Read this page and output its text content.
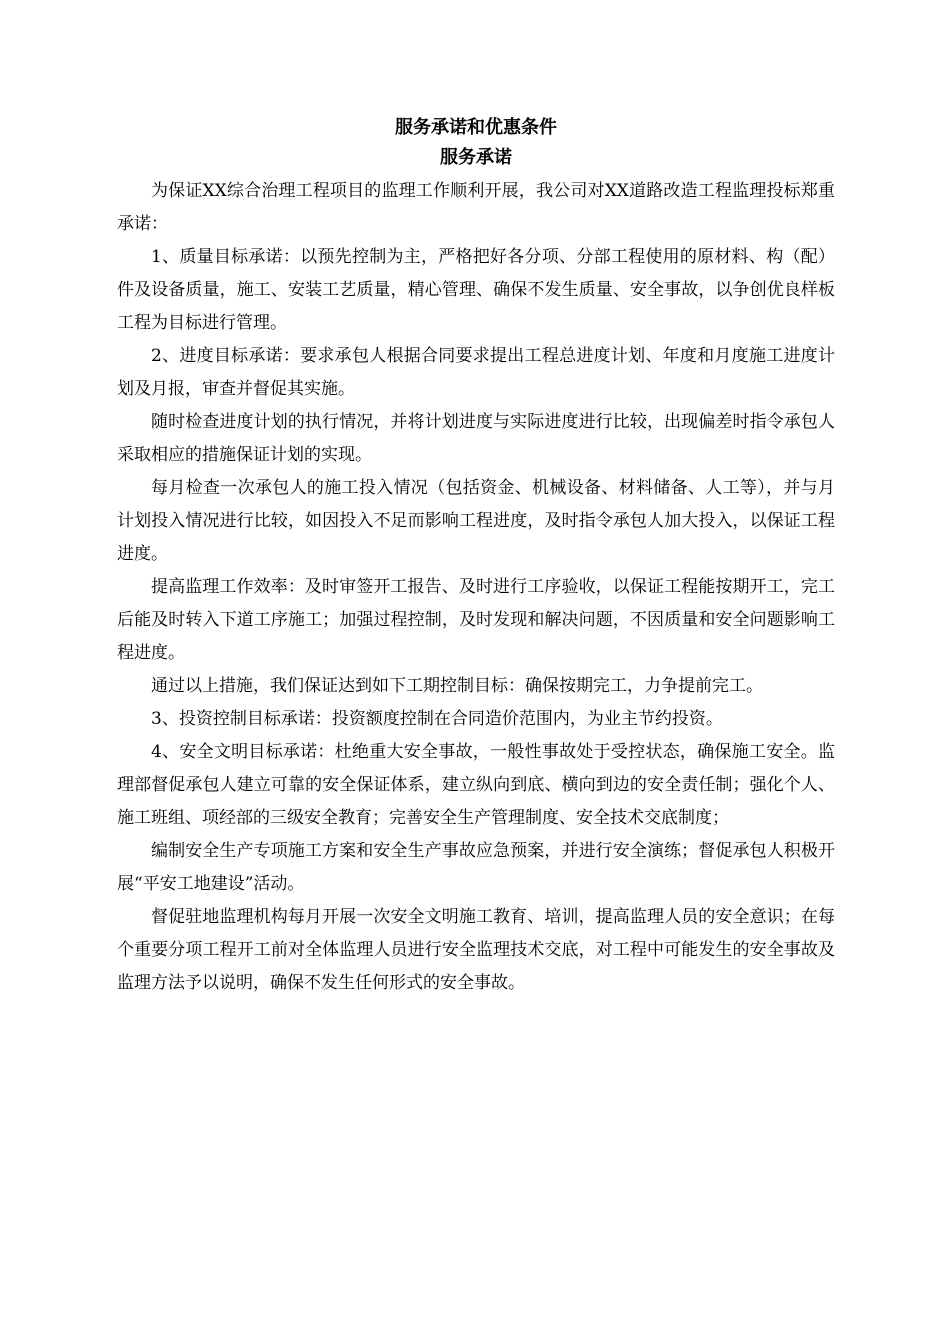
服务承诺和优惠条件
服务承诺

为保证XX综合治理工程项目的监理工作顺利开展，我公司对XX道路改造工程监理投标郑重承诺：

1、质量目标承诺：以预先控制为主，严格把好各分项、分部工程使用的原材料、构（配）件及设备质量，施工、安装工艺质量，精心管理、确保不发生质量、安全事故，以争创优良样板工程为目标进行管理。

2、进度目标承诺：要求承包人根据合同要求提出工程总进度计划、年度和月度施工进度计划及月报，审查并督促其实施。

随时检查进度计划的执行情况，并将计划进度与实际进度进行比较，出现偏差时指令承包人采取相应的措施保证计划的实现。

每月检查一次承包人的施工投入情况（包括资金、机械设备、材料储备、人工等），并与月计划投入情况进行比较，如因投入不足而影响工程进度，及时指令承包人加大投入，以保证工程进度。

提高监理工作效率：及时审签开工报告、及时进行工序验收，以保证工程能按期开工，完工后能及时转入下道工序施工；加强过程控制，及时发现和解决问题，不因质量和安全问题影响工程进度。

通过以上措施，我们保证达到如下工期控制目标：确保按期完工，力争提前完工。

3、投资控制目标承诺：投资额度控制在合同造价范围内，为业主节约投资。

4、安全文明目标承诺：杜绝重大安全事故，一般性事故处于受控状态，确保施工安全。监理部督促承包人建立可靠的安全保证体系，建立纵向到底、横向到边的安全责任制；强化个人、施工班组、项经部的三级安全教育；完善安全生产管理制度、安全技术交底制度；

编制安全生产专项施工方案和安全生产事故应急预案，并进行安全演练；督促承包人积极开展“平安工地建设”活动。

督促驻地监理机构每月开展一次安全文明施工教育、培训，提高监理人员的安全意识；在每个重要分项工程开工前对全体监理人员进行安全监理技术交底，对工程中可能发生的安全事故及监理方法予以说明，确保不发生任何形式的安全事故。
